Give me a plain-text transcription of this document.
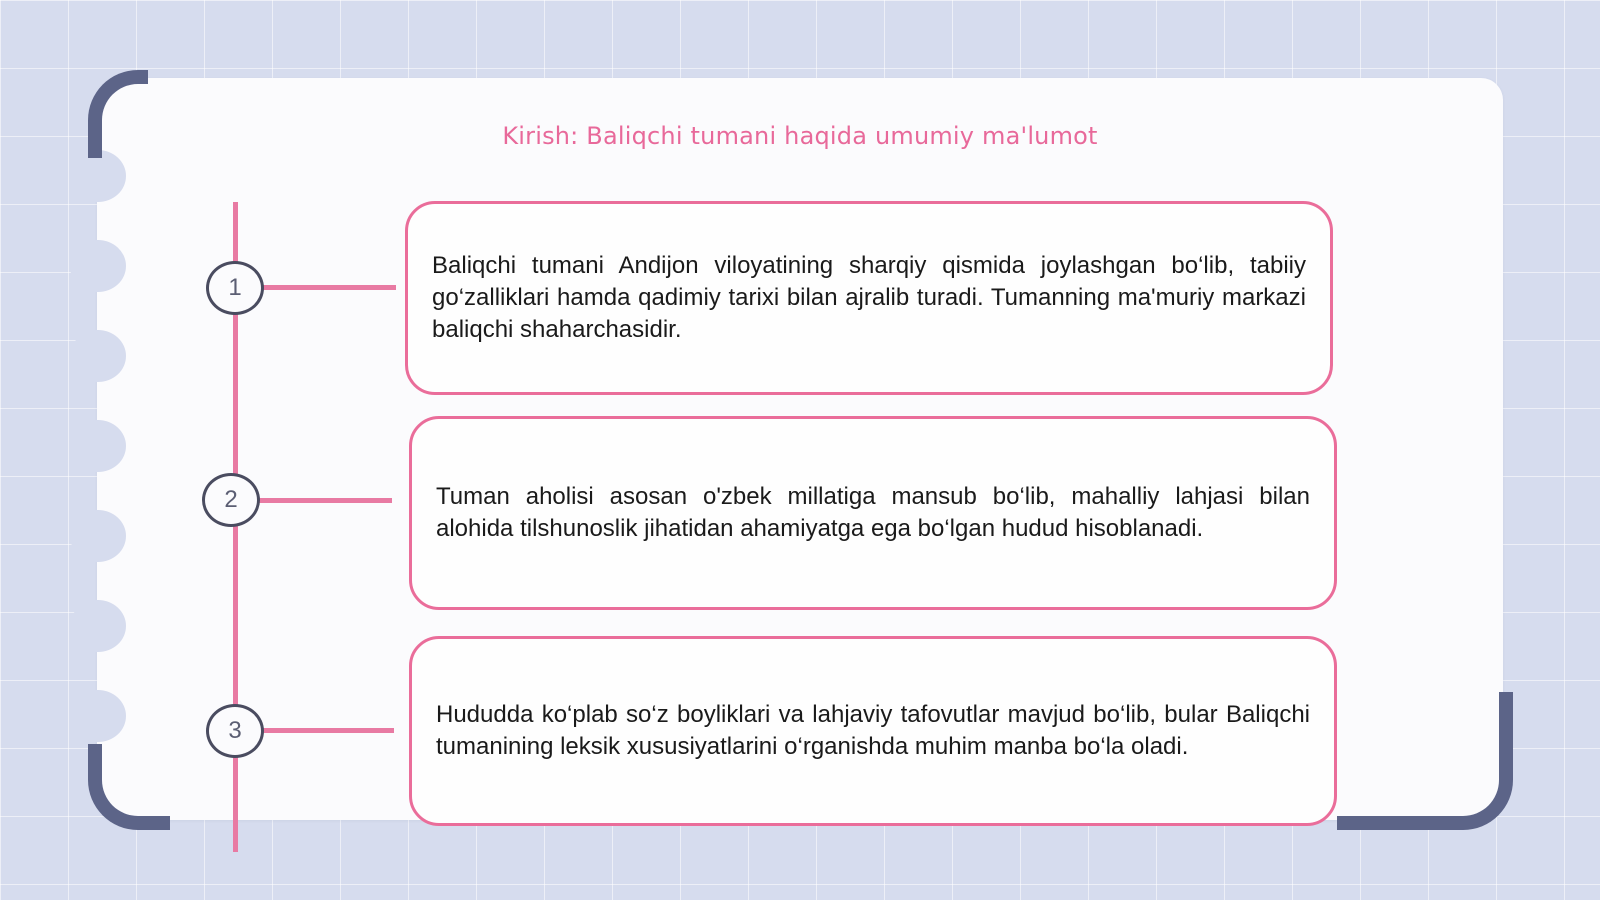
Kirish: Baliqchi tumani haqida umumiy ma'lumot
1
2
3

Baliqchi tumani Andijon viloyatining sharqiy qismida joylashgan bo‘lib, tabiiy go‘zalliklari hamda qadimiy tarixi bilan ajralib turadi. Tumanning ma'muriy markazi baliqchi shaharchasidir.

Tuman aholisi asosan o'zbek millatiga mansub bo‘lib, mahalliy lahjasi bilan alohida tilshunoslik jihatidan ahamiyatga ega bo‘lgan hudud hisoblanadi.

Hududda ko‘plab so‘z boyliklari va lahjaviy tafovutlar mavjud bo‘lib, bular Baliqchi tumanining leksik xususiyatlarini o‘rganishda muhim manba bo‘la oladi.
